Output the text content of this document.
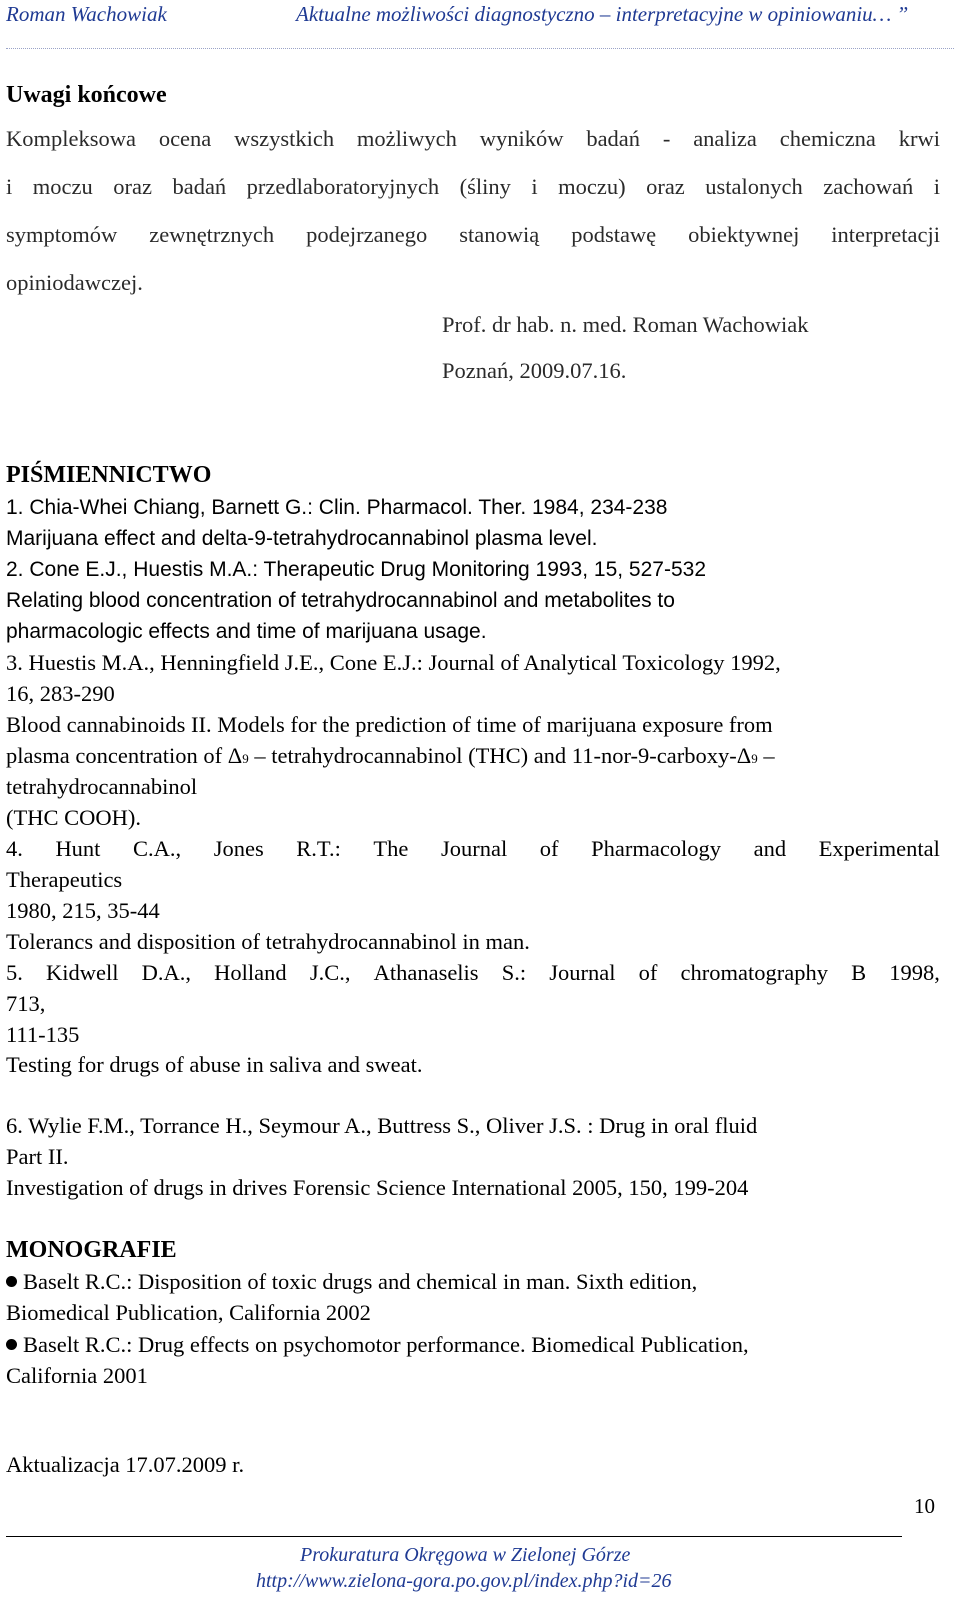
Roman Wachowiak	Aktualne możliwości diagnostyczno – interpretacyjne w opiniowaniu… ”
Uwagi końcowe
Kompleksowa ocena wszystkich możliwych wyników badań - analiza chemiczna krwi
i moczu oraz badań przedlaboratoryjnych (śliny i moczu) oraz ustalonych zachowań i
symptomów zewnętrznych podejrzanego stanowią podstawę obiektywnej interpretacji
opiniodawczej.
Prof. dr hab. n. med. Roman Wachowiak
Poznań, 2009.07.16.
PIŚMIENNICTWO
1. Chia-Whei Chiang, Barnett G.: Clin. Pharmacol. Ther. 1984, 234-238
Marijuana effect and delta-9-tetrahydrocannabinol plasma level.
2. Cone E.J., Huestis M.A.: Therapeutic Drug Monitoring 1993, 15, 527-532
Relating blood concentration of tetrahydrocannabinol and metabolites to
pharmacologic effects and time of marijuana usage.
3. Huestis M.A., Henningfield J.E., Cone E.J.: Journal of Analytical Toxicology 1992,
16, 283-290
Blood cannabinoids II. Models for the prediction of time of marijuana exposure from
plasma concentration of Δ9 – tetrahydrocannabinol (THC) and 11-nor-9-carboxy-Δ9 –
tetrahydrocannabinol
(THC COOH).
4. Hunt C.A., Jones R.T.: The Journal of Pharmacology and Experimental
Therapeutics
1980, 215, 35-44
Tolerancs and disposition of tetrahydrocannabinol in man.
5. Kidwell D.A., Holland J.C., Athanaselis S.: Journal of chromatography B 1998,
713,
111-135
Testing for drugs of abuse in saliva and sweat.
6. Wylie F.M., Torrance H., Seymour A., Buttress S., Oliver J.S. : Drug in oral fluid
Part II.
Investigation of drugs in drives Forensic Science International 2005, 150, 199-204
MONOGRAFIE
Baselt R.C.: Disposition of toxic drugs and chemical in man. Sixth edition,
Biomedical Publication, California 2002
Baselt R.C.: Drug effects on psychomotor performance. Biomedical Publication,
California 2001
Aktualizacja 17.07.2009 r.
10
Prokuratura Okręgowa w Zielonej Górze
http://www.zielona-gora.po.gov.pl/index.php?id=26
